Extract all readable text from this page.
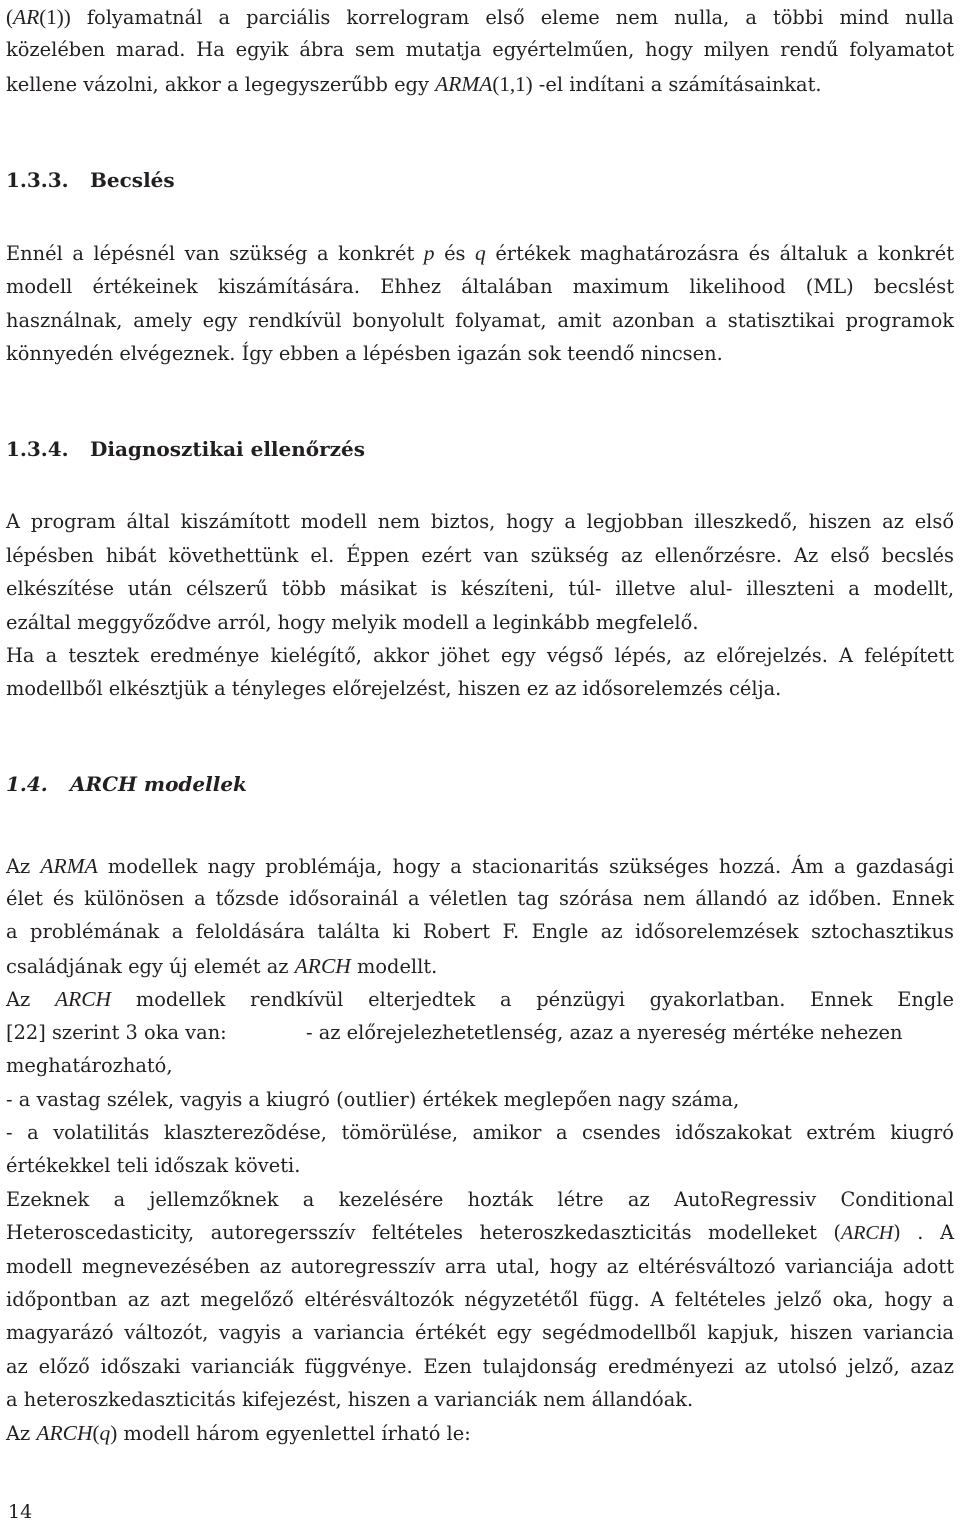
(AR(1)) folyamatnál a parciális korrelogram első eleme nem nulla, a többi mind nulla
közelében marad. Ha egyik ábra sem mutatja egyértelműen, hogy milyen rendű folyamatot
kellene vázolni, akkor a legegyszerűbb egy ARMA(1,1) -el indítani a számításainkat.
1.3.3. Becslés
Ennél a lépésnél van szükség a konkrét p és q értékek maghatározásra és általuk a konkrét
modell értékeinek kiszámítására. Ehhez általában maximum likelihood (ML) becslést
használnak, amely egy rendkívül bonyolult folyamat, amit azonban a statisztikai programok
könnyedén elvégeznek. Így ebben a lépésben igazán sok teendő nincsen.
1.3.4. Diagnosztikai ellenőrzés
A program által kiszámított modell nem biztos, hogy a legjobban illeszkedő, hiszen az első
lépésben hibát követhettünk el. Éppen ezért van szükség az ellenőrzésre. Az első becslés
elkészítése után célszerű több másikat is készíteni, túl- illetve alul- illeszteni a modellt,
ezáltal meggyőződve arról, hogy melyik modell a leginkább megfelelő.
Ha a tesztek eredménye kielégítő, akkor jöhet egy végső lépés, az előrejelzés. A felépített
modellből elkésztjük a tényleges előrejelzést, hiszen ez az idősorelemzés célja.
1.4. ARCH modellek
Az ARMA modellek nagy problémája, hogy a stacionaritás szükséges hozzá. Ám a gazdasági
élet és különösen a tőzsde idősorainál a véletlen tag szórása nem állandó az időben. Ennek
a problémának a feloldására találta ki Robert F. Engle az idősorelemzések sztochasztikus
családjának egy új elemét az ARCH modellt.
Az ARCH modellek rendkívül elterjedtek a pénzügyi gyakorlatban. Ennek Engle
[22] szerint 3 oka van:	- az előrejelezhetetlenség, azaz a nyereség mértéke nehezen
meghatározható,
- a vastag szélek, vagyis a kiugró (outlier) értékek meglepően nagy száma,
- a volatilitás klaszterezõdése, tömörülése, amikor a csendes időszakokat extrém kiugró
értékekkel teli időszak követi.
Ezeknek a jellemzőknek a kezelésére hozták létre az AutoRegressiv Conditional
Heteroscedasticity, autoregersszív feltételes heteroszkedaszticitás modelleket (ARCH) . A
modell megnevezésében az autoregresszív arra utal, hogy az eltérésváltozó varianciája adott
időpontban az azt megelőző eltérésváltozók négyzetétől függ. A feltételes jelző oka, hogy a
magyarázó változót, vagyis a variancia értékét egy segédmodellből kapjuk, hiszen variancia
az előző időszaki varianciák függvénye. Ezen tulajdonság eredményezi az utolsó jelző, azaz
a heteroszkedaszticitás kifejezést, hiszen a varianciák nem állandóak.
Az ARCH(q) modell három egyenlettel írható le:
14
